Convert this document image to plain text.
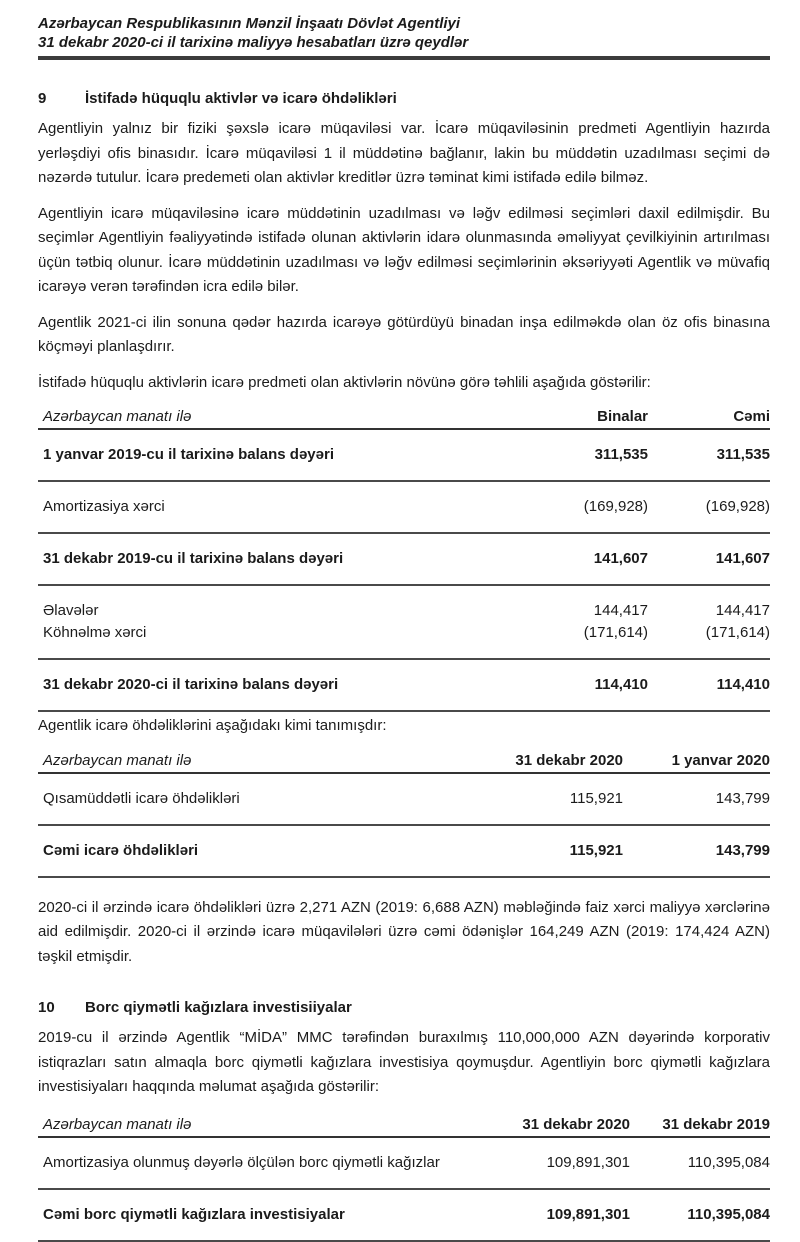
Azərbaycan Respublikasının Mənzil İnşaatı Dövlət Agentliyi
31 dekabr 2020-ci il tarixinə maliyyə hesabatları üzrə qeydlər
9	İstifadə hüquqlu aktivlər və icarə öhdəlikləri

Agentliyin yalnız bir fiziki şəxslə icarə müqaviləsi var. İcarə müqaviləsinin predmeti Agentliyin hazırda yerləşdiyi ofis binasıdır. İcarə müqaviləsi 1 il müddətinə bağlanır, lakin bu müddətin uzadılması seçimi də nəzərdə tutulur. İcarə predemeti olan aktivlər kreditlər üzrə təminat kimi istifadə edilə bilməz.

Agentliyin icarə müqaviləsinə icarə müddətinin uzadılması və ləğv edilməsi seçimləri daxil edilmişdir. Bu seçimlər Agentliyin fəaliyyətində istifadə olunan aktivlərin idarə olunmasında əməliyyat çevilkiyinin artırılması üçün tətbiq olunur. İcarə müddətinin uzadılması və ləğv edilməsi seçimlərinin əksəriyyəti Agentlik və müvafiq icarəyə verən tərəfindən icra edilə bilər.

Agentlik 2021-ci ilin sonuna qədər hazırda icarəyə götürdüyü binadan inşa edilməkdə olan öz ofis binasına köçməyi planlaşdırır.

İstifadə hüquqlu aktivlərin icarə predmeti olan aktivlərin növünə görə təhlili aşağıda göstərilir:

Azərbaycan manatı ilə	Binalar	Cəmi
1 yanvar 2019-cu il tarixinə balans dəyəri	311,535	311,535
Amortizasiya xərci	(169,928)	(169,928)
31 dekabr 2019-cu il tarixinə balans dəyəri	141,607	141,607
Əlavələr	144,417	144,417
Köhnəlmə xərci	(171,614)	(171,614)
31 dekabr 2020-ci il tarixinə balans dəyəri	114,410	114,410

Agentlik icarə öhdəliklərini aşağıdakı kimi tanımışdır:

Azərbaycan manatı ilə	31 dekabr 2020	1 yanvar 2020
Qısamüddətli icarə öhdəlikləri	115,921	143,799
Cəmi icarə öhdəlikləri	115,921	143,799

2020-ci il ərzində icarə öhdəlikləri üzrə 2,271 AZN (2019: 6,688 AZN) məbləğində faiz xərci maliyyə xərclərinə aid edilmişdir. 2020-ci il ərzində icarə müqavilələri üzrə cəmi ödənişlər 164,249 AZN (2019: 174,424 AZN) təşkil etmişdir.

10	Borc qiymətli kağızlara investisiiyalar

2019-cu il ərzində Agentlik “MİDA” MMC tərəfindən buraxılmış 110,000,000 AZN dəyərində korporativ istiqrazları satın almaqla borc qiymətli kağızlara investisiya qoymuşdur. Agentliyin borc qiymətli kağızlara investisiyaları haqqında məlumat aşağıda göstərilir:

Azərbaycan manatı ilə	31 dekabr 2020	31 dekabr 2019
Amortizasiya olunmuş dəyərlə ölçülən borc qiymətli kağızlar	109,891,301	110,395,084
Cəmi borc qiymətli kağızlara investisiyalar	109,891,301	110,395,084
